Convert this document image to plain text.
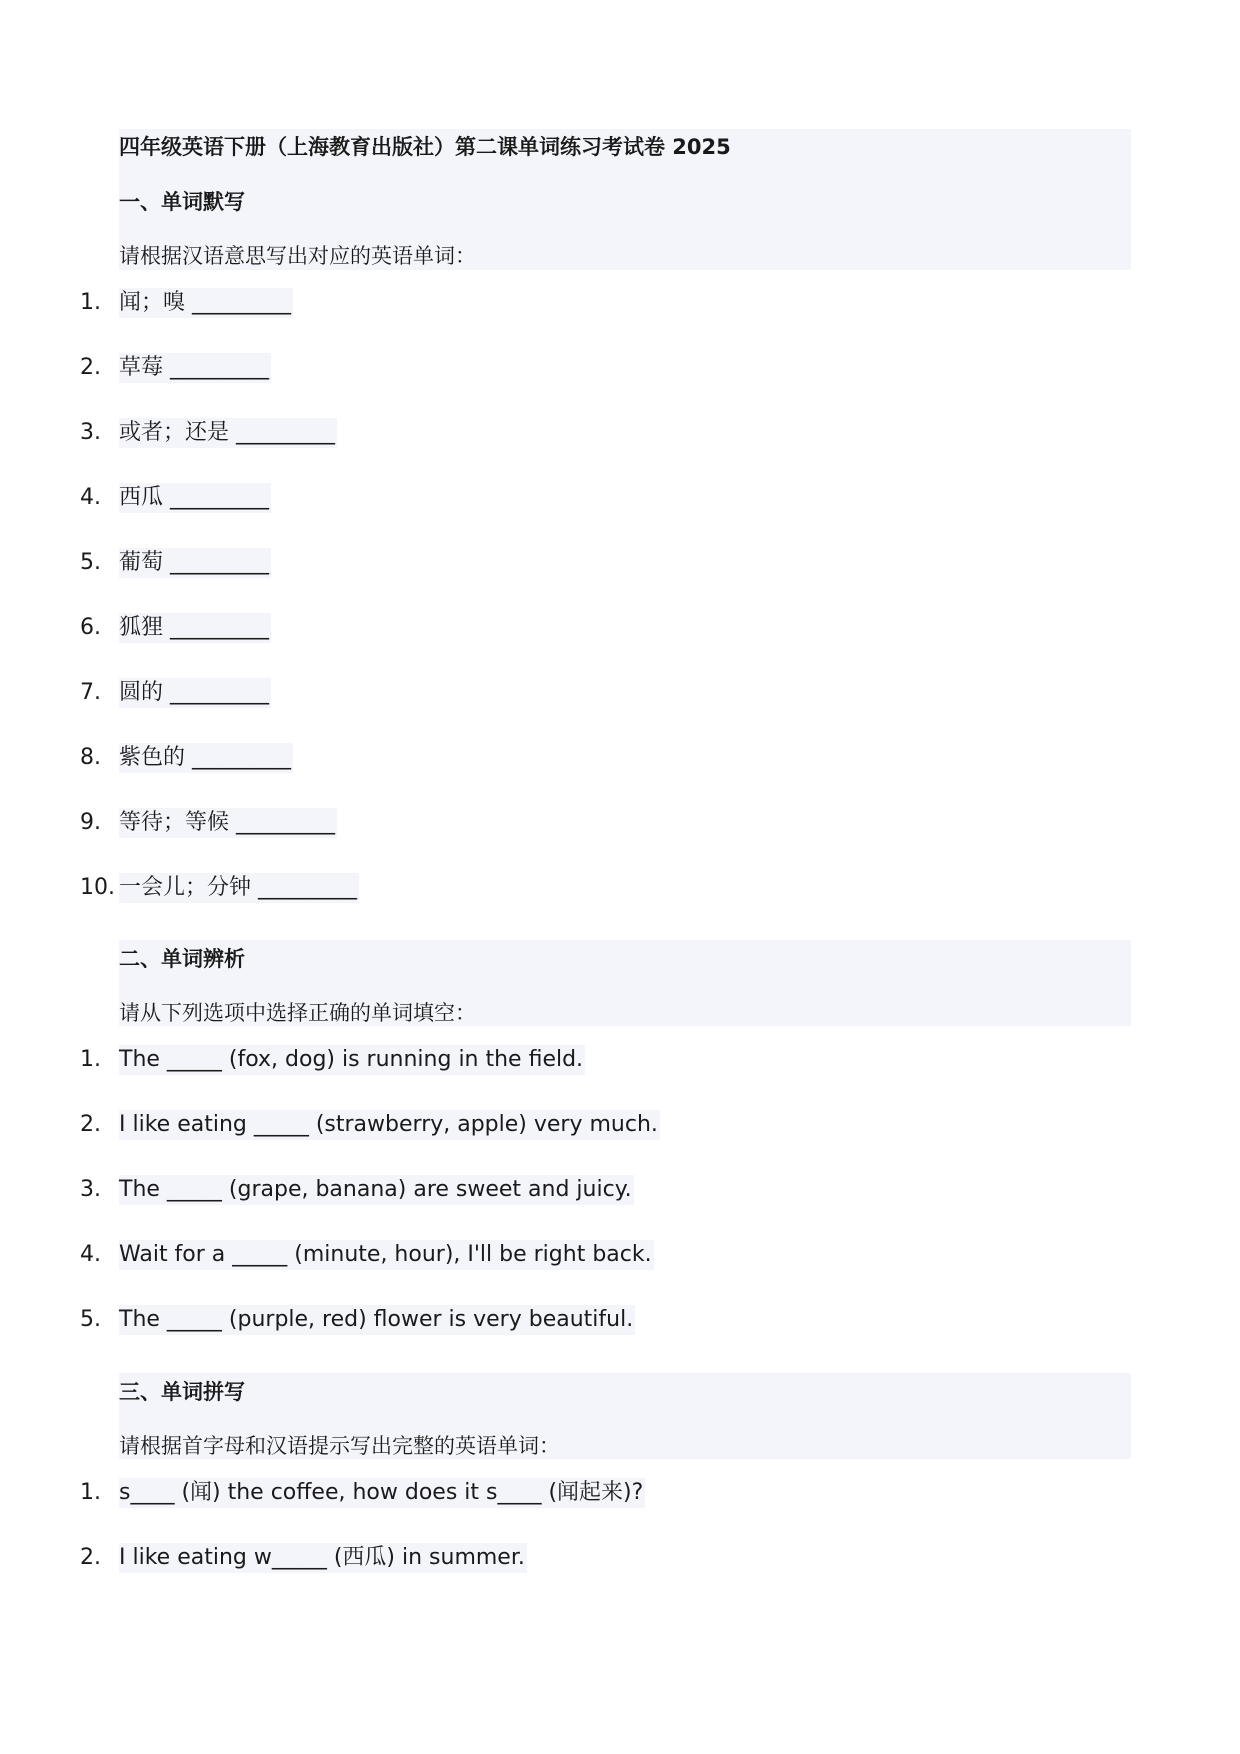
四年级英语下册（上海教育出版社）第二课单词练习考试卷 2025
一、单词默写
请根据汉语意思写出对应的英语单词：
1. 闻；嗅 _________
2. 草莓 _________
3. 或者；还是 _________
4. 西瓜 _________
5. 葡萄 _________
6. 狐狸 _________
7. 圆的 _________
8. 紫色的 _________
9. 等待；等候 _________
10. 一会儿；分钟 _________
二、单词辨析
请从下列选项中选择正确的单词填空：
1. The _____ (fox, dog) is running in the field.
2. I like eating _____ (strawberry, apple) very much.
3. The _____ (grape, banana) are sweet and juicy.
4. Wait for a _____ (minute, hour), I'll be right back.
5. The _____ (purple, red) flower is very beautiful.
三、单词拼写
请根据首字母和汉语提示写出完整的英语单词：
1. s____ (闻) the coffee, how does it s____ (闻起来)?
2. I like eating w_____ (西瓜) in summer.
